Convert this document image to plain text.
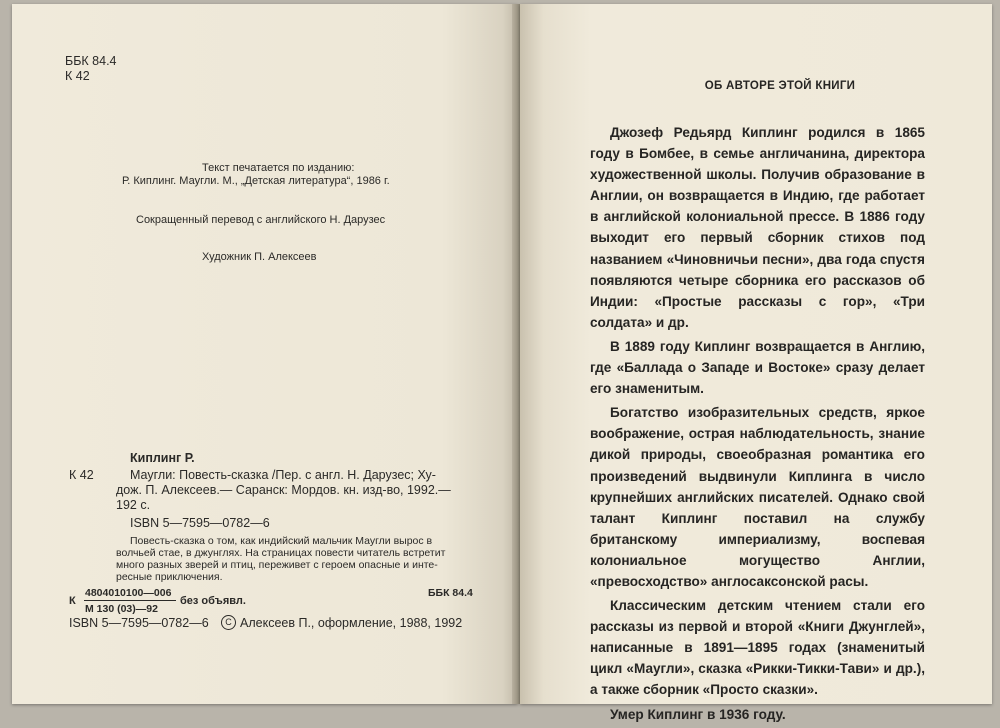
ББК 84.4
К 42
Текст печатается по изданию:
Р. Киплинг. Маугли. М., „Детская литература“, 1986 г.
Сокращенный перевод с английского Н. Дарузес
Художник П. Алексеев
Киплинг Р.
К 42	Маугли: Повесть-сказка /Пер. с англ. Н. Дарузес; Ху-
дож. П. Алексеев.— Саранск: Мордов. кн. изд-во, 1992.—
192 с.
ISBN 5—7595—0782—6
Повесть-сказка о том, как индийский мальчик Маугли вырос в
волчьей стае, в джунглях. На страницах повести читатель встретит
много разных зверей и птиц, переживет с героем опасные и инте-
ресные приключения.
К
4804010100—006
М 130 (03)—92
без объявл.
ББК 84.4
ISBN 5—7595—0782—6	C Алексеев П., оформление, 1988, 1992
ОБ АВТОРЕ ЭТОЙ КНИГИ

Джозеф Редьярд Киплинг родился в 1865 году в Бомбее, в семье англичанина, директора художественной школы. Получив образование в Англии, он возвращается в Индию, где работает в английской колониальной прессе. В 1886 году выходит его первый сборник стихов под названием «Чиновничьи песни», два года спустя появляются четыре сборника его рассказов об Индии: «Простые рассказы с гор», «Три солдата» и др.

В 1889 году Киплинг возвращается в Англию, где «Баллада о Западе и Востоке» сразу делает его знаменитым.

Богатство изобразительных средств, яркое воображение, острая наблюдательность, знание дикой природы, своеобразная романтика его произведений выдвинули Киплинга в число крупнейших английских писателей. Однако свой талант Киплинг поставил на службу британскому империализму, воспевая колониальное могущество Англии, «превосходство» англосаксонской расы.

Классическим детским чтением стали его рассказы из первой и второй «Книги Джунглей», написанные в 1891—1895 годах (знаменитый цикл «Маугли», сказка «Рикки-Тикки-Тави» и др.), а также сборник «Просто сказки».

Умер Киплинг в 1936 году.
